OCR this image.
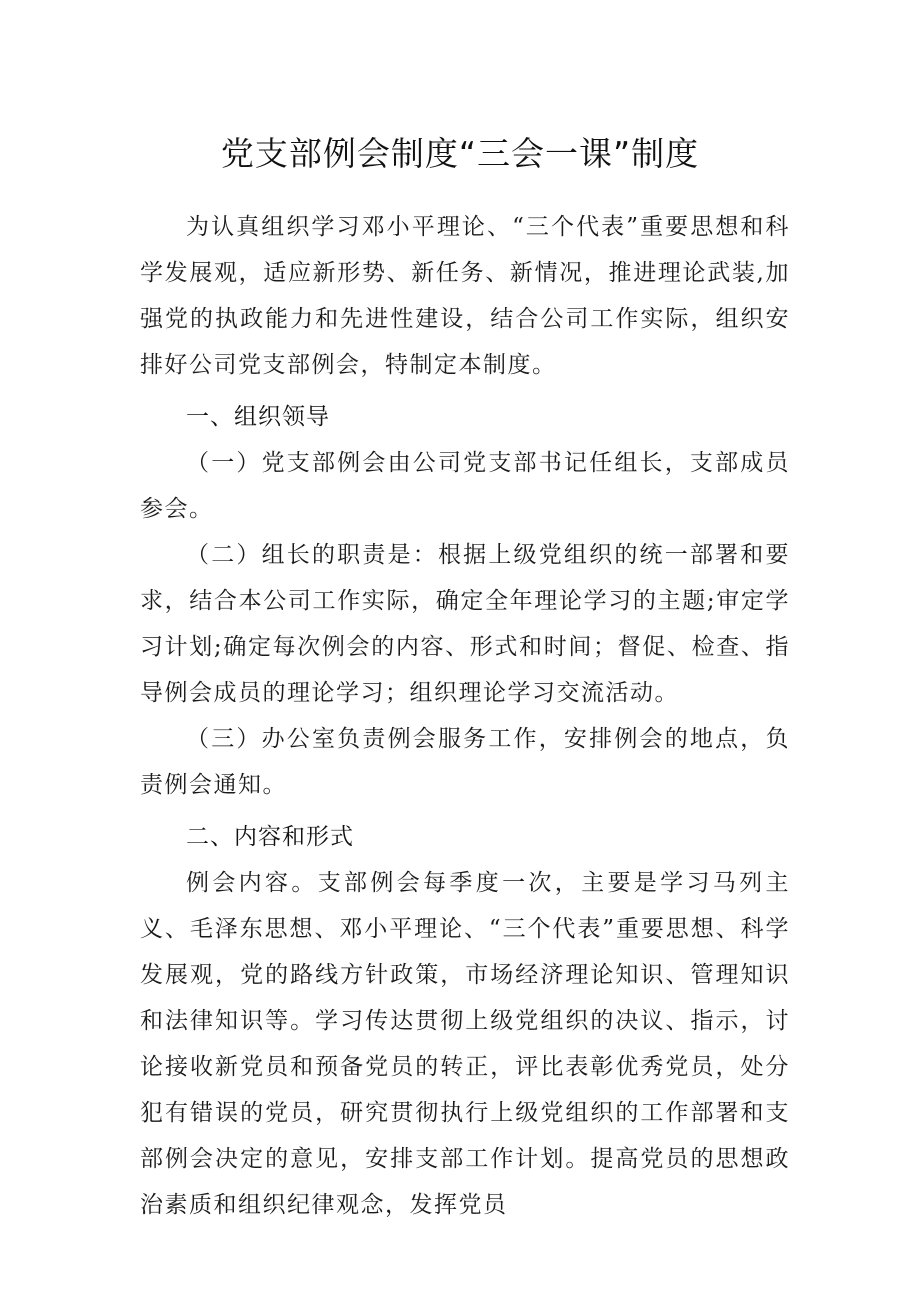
党支部例会制度“三会一课”制度

为认真组织学习邓小平理论、“三个代表”重要思想和科学发展观，适应新形势、新任务、新情况，推进理论武装,加强党的执政能力和先进性建设，结合公司工作实际，组织安排好公司党支部例会，特制定本制度。

一、组织领导

（一）党支部例会由公司党支部书记任组长，支部成员参会。

（二）组长的职责是：根据上级党组织的统一部署和要求，结合本公司工作实际，确定全年理论学习的主题;审定学习计划;确定每次例会的内容、形式和时间；督促、检查、指导例会成员的理论学习；组织理论学习交流活动。

（三）办公室负责例会服务工作，安排例会的地点，负责例会通知。

二、内容和形式

例会内容。支部例会每季度一次，主要是学习马列主义、毛泽东思想、邓小平理论、“三个代表”重要思想、科学发展观，党的路线方针政策，市场经济理论知识、管理知识和法律知识等。学习传达贯彻上级党组织的决议、指示，讨论接收新党员和预备党员的转正，评比表彰优秀党员，处分犯有错误的党员，研究贯彻执行上级党组织的工作部署和支部例会决定的意见，安排支部工作计划。提高党员的思想政治素质和组织纪律观念，发挥党员
